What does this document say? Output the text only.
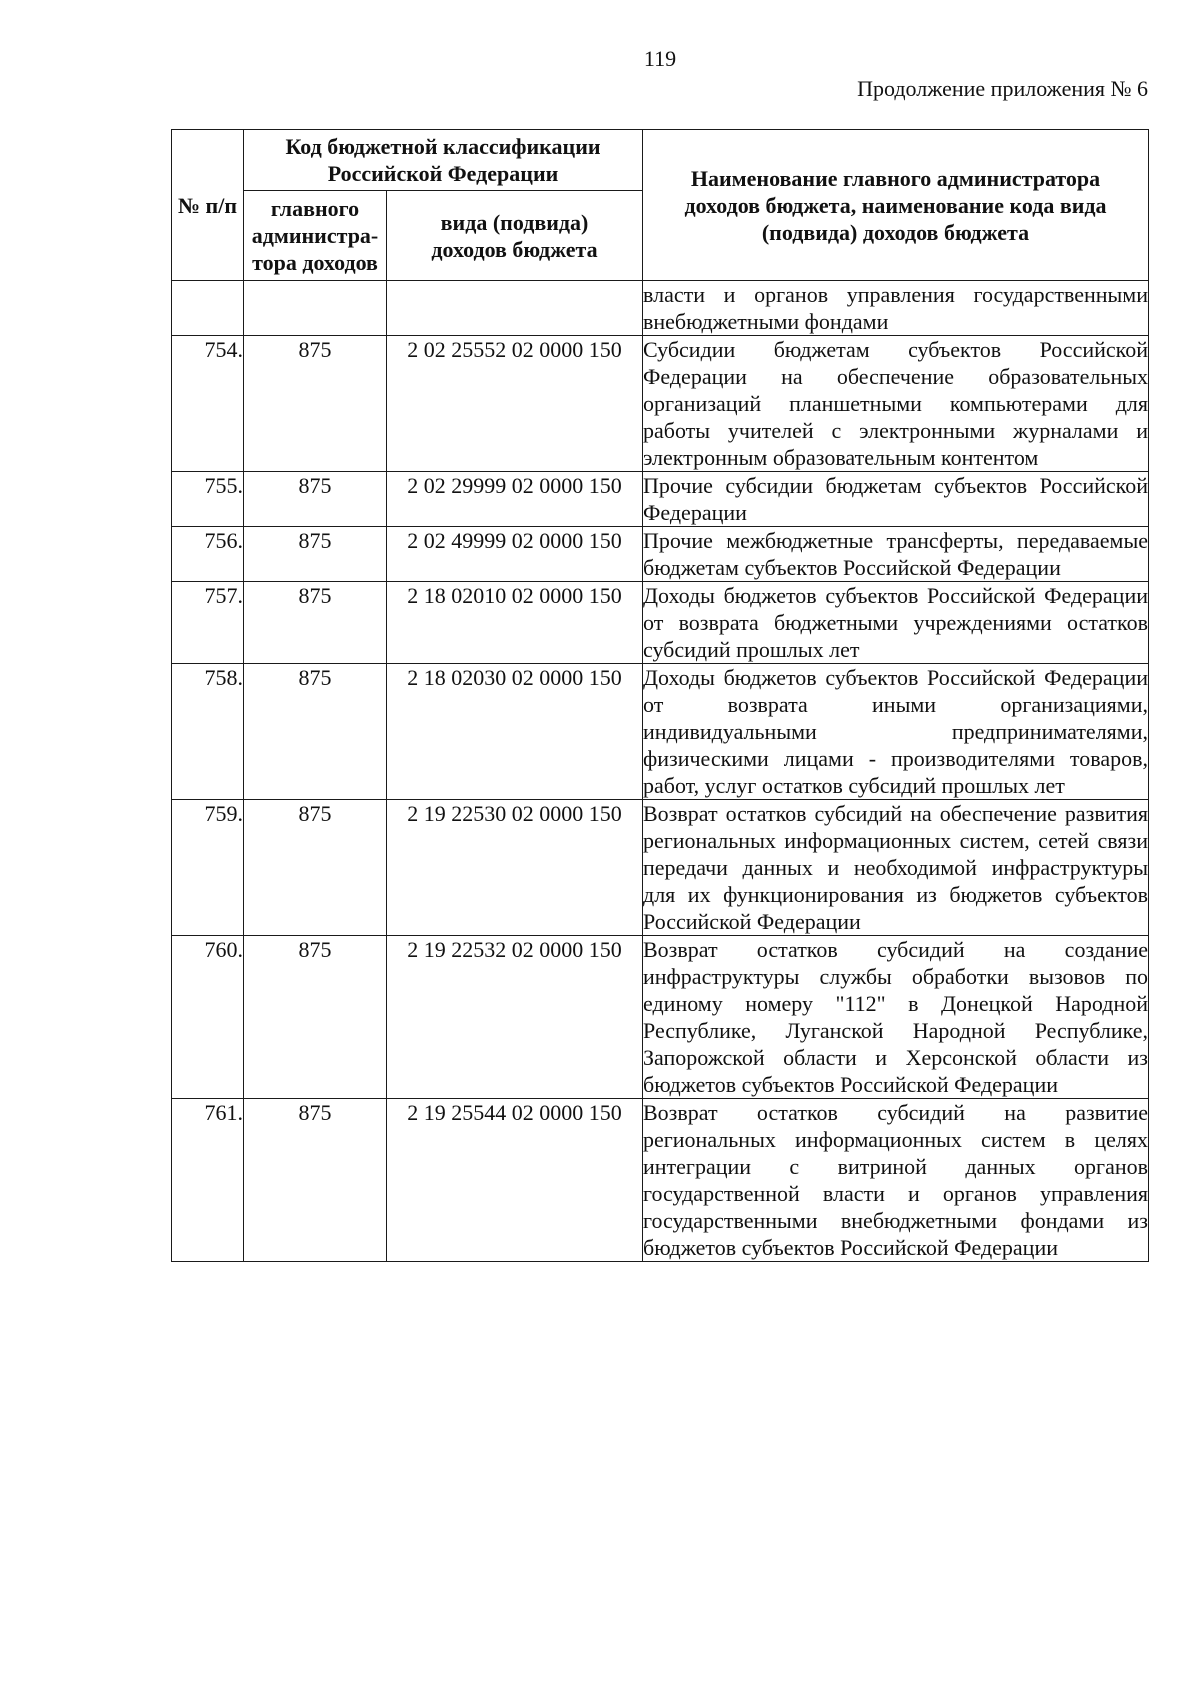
119
Продолжение приложения № 6
№ п/п	Код бюджетной классификации Российской Федерации		Наименование главного администратора доходов бюджета, наименование кода вида (подвида) доходов бюджета
	главного администра-тора доходов	вида (подвида) доходов бюджета	
			власти и органов управления государственными внебюджетными фондами
754.	875	2 02 25552 02 0000 150	Субсидии бюджетам субъектов Российской Федерации на обеспечение образовательных организаций планшетными компьютерами для работы учителей с электронными журналами и электронным образовательным контентом
755.	875	2 02 29999 02 0000 150	Прочие субсидии бюджетам субъектов Российской Федерации
756.	875	2 02 49999 02 0000 150	Прочие межбюджетные трансферты, передаваемые бюджетам субъектов Российской Федерации
757.	875	2 18 02010 02 0000 150	Доходы бюджетов субъектов Российской Федерации от возврата бюджетными учреждениями остатков субсидий прошлых лет
758.	875	2 18 02030 02 0000 150	Доходы бюджетов субъектов Российской Федерации от возврата иными организациями, индивидуальными предпринимателями, физическими лицами - производителями товаров, работ, услуг остатков субсидий прошлых лет
759.	875	2 19 22530 02 0000 150	Возврат остатков субсидий на обеспечение развития региональных информационных систем, сетей связи передачи данных и необходимой инфраструктуры для их функционирования из бюджетов субъектов Российской Федерации
760.	875	2 19 22532 02 0000 150	Возврат остатков субсидий на создание инфраструктуры службы обработки вызовов по единому номеру "112" в Донецкой Народной Республике, Луганской Народной Республике, Запорожской области и Херсонской области из бюджетов субъектов Российской Федерации
761.	875	2 19 25544 02 0000 150	Возврат остатков субсидий на развитие региональных информационных систем в целях интеграции с витриной данных органов государственной власти и органов управления государственными внебюджетными фондами из бюджетов субъектов Российской Федерации
